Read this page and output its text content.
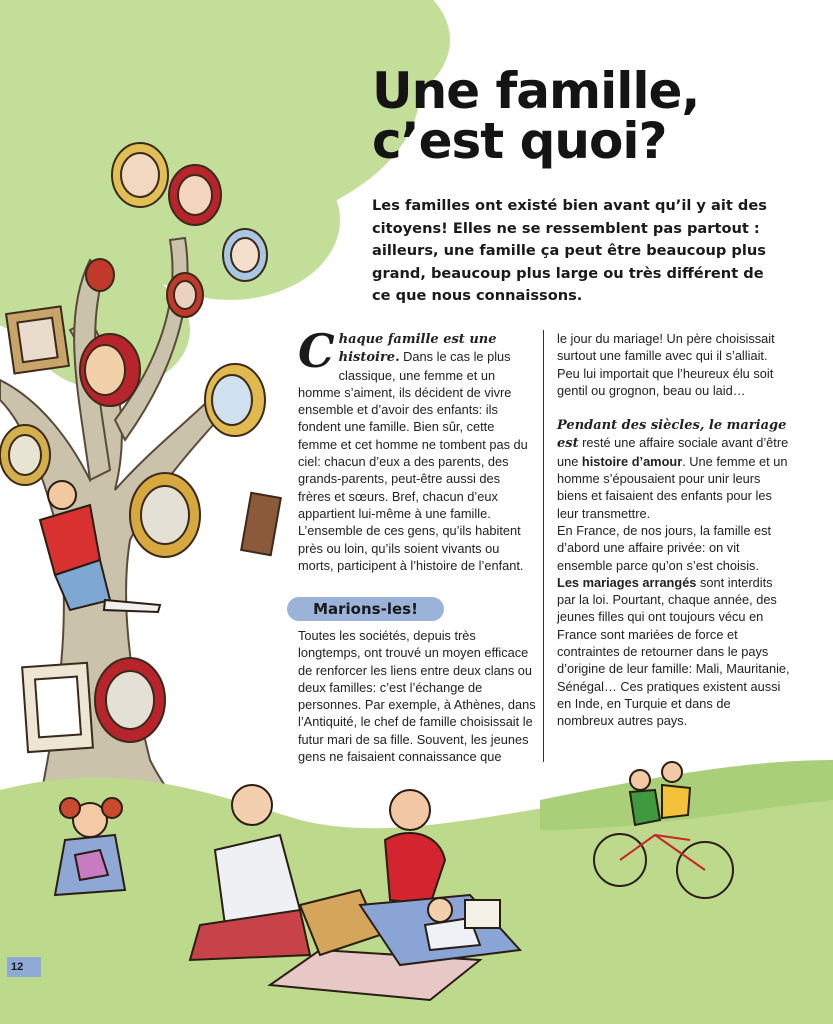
Une famille,
c’est quoi?
Les familles ont existé bien avant qu’il y ait des citoyens! Elles ne se ressemblent pas partout : ailleurs, une famille ça peut être beaucoup plus grand, beaucoup plus large ou très différent de ce que nous connaissons.

Chaque famille est une histoire. Dans le cas le plus classique, une femme et un homme s’aiment, ils décident de vivre ensemble et d’avoir des enfants: ils fondent une famille. Bien sûr, cette femme et cet homme ne tombent pas du ciel: chacun d’eux a des parents, des grands-parents, peut-être aussi des frères et sœurs. Bref, chacun d’eux appartient lui-même à une famille. L’ensemble de ces gens, qu’ils habitent près ou loin, qu’ils soient vivants ou morts, participent à l’histoire de l’enfant.

Marions-les!

Toutes les sociétés, depuis très longtemps, ont trouvé un moyen efficace de renforcer les liens entre deux clans ou deux familles: c’est l’échange de personnes. Par exemple, à Athènes, dans l’Antiquité, le chef de famille choisissait le futur mari de sa fille. Souvent, les jeunes gens ne faisaient connaissance que

le jour du mariage! Un père choisissait surtout une famille avec qui il s’alliait. Peu lui importait que l’heureux élu soit gentil ou grognon, beau ou laid…

Pendant des siècles, le mariage est resté une affaire sociale avant d’être une histoire d’amour. Une femme et un homme s’épousaient pour unir leurs biens et faisaient des enfants pour les leur transmettre.

En France, de nos jours, la famille est d’abord une affaire privée: on vit ensemble parce qu’on s’est choisis.

Les mariages arrangés sont interdits par la loi. Pourtant, chaque année, des jeunes filles qui ont toujours vécu en France sont mariées de force et contraintes de retourner dans le pays d’origine de leur famille: Mali, Mauritanie, Sénégal… Ces pratiques existent aussi en Inde, en Turquie et dans de nombreux autres pays.

12
